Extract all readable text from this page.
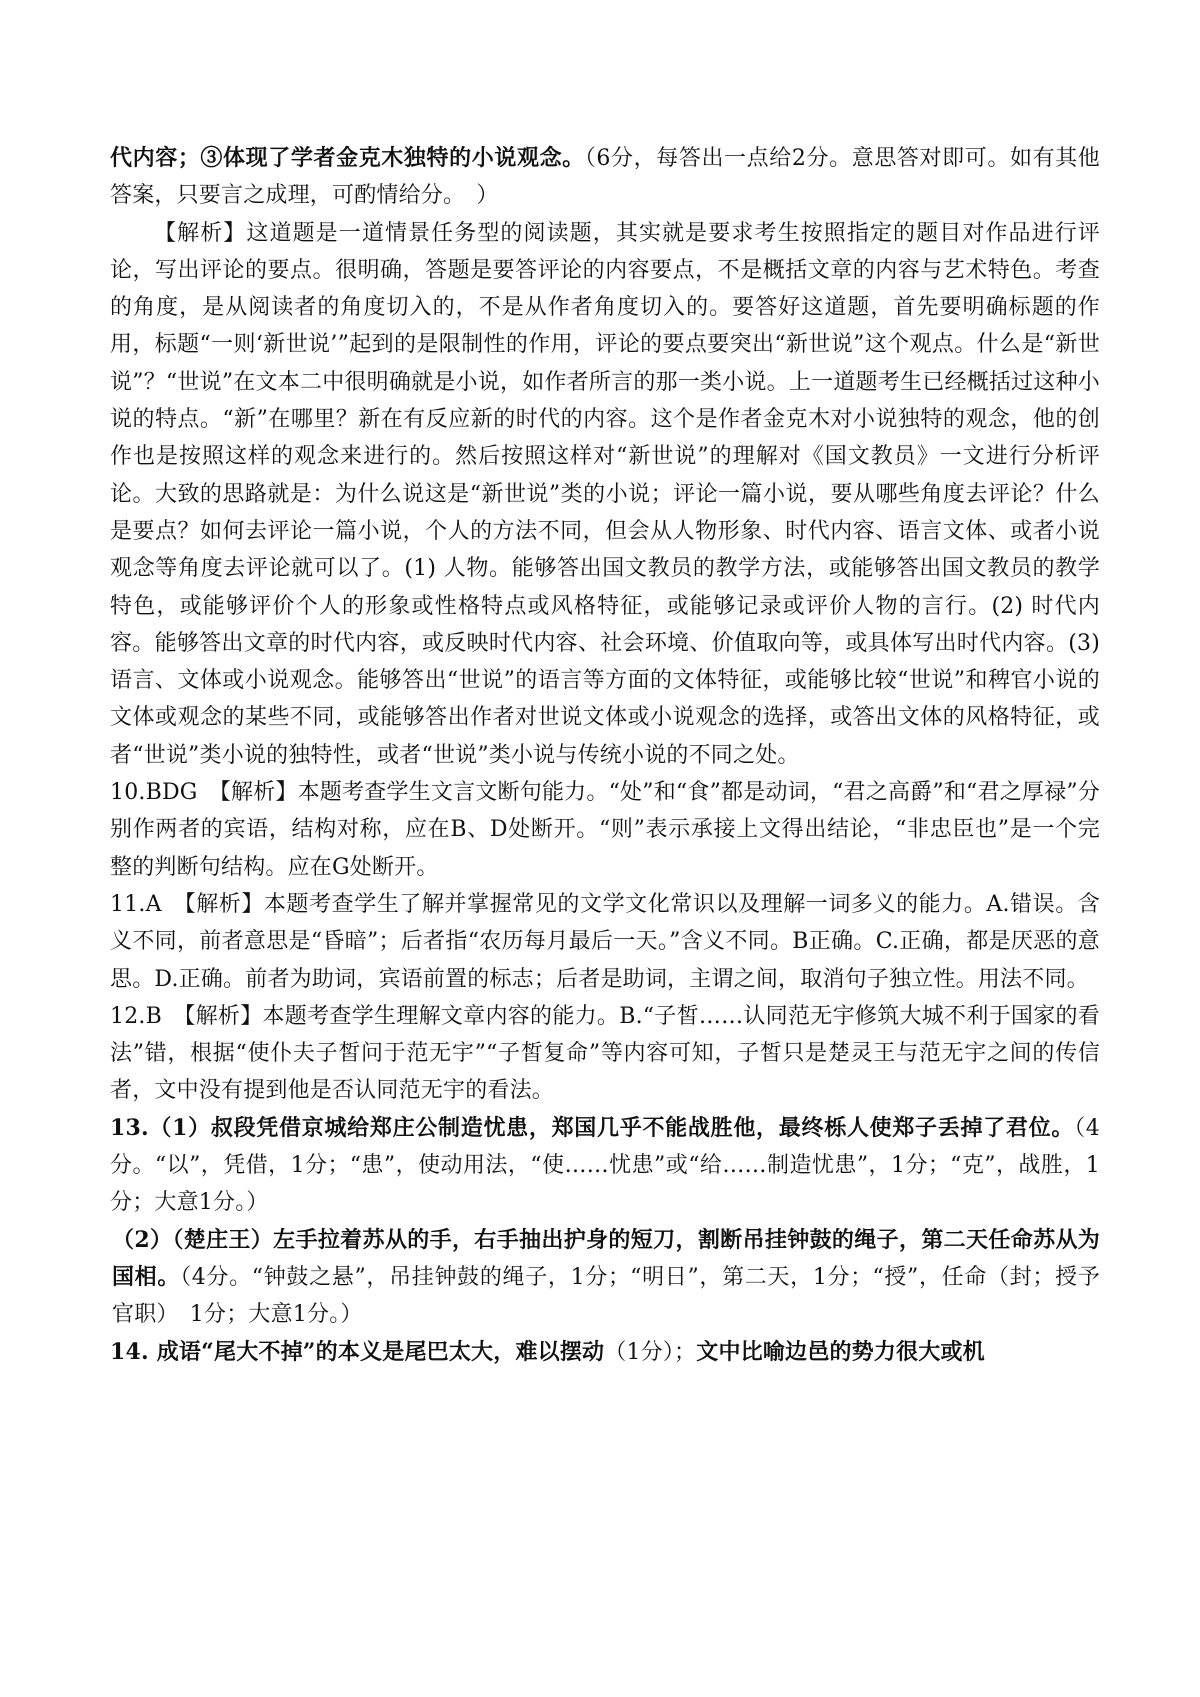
代内容；③体现了学者金克木独特的小说观念。（6分，每答出一点给2分。意思答对即可。如有其他答案，只要言之成理，可酌情给分。　）

【解析】这道题是一道情景任务型的阅读题，其实就是要求考生按照指定的题目对作品进行评论，写出评论的要点。很明确，答题是要答评论的内容要点，不是概括文章的内容与艺术特色。考查的角度，是从阅读者的角度切入的，不是从作者角度切入的。要答好这道题，首先要明确标题的作用，标题“一则‘新世说’”起到的是限制性的作用，评论的要点要突出“新世说”这个观点。什么是“新世说”？“世说”在文本二中很明确就是小说，如作者所言的那一类小说。上一道题考生已经概括过这种小说的特点。“新”在哪里？新在有反应新的时代的内容。这个是作者金克木对小说独特的观念，他的创作也是按照这样的观念来进行的。然后按照这样对“新世说”的理解对《国文教员》一文进行分析评论。大致的思路就是：为什么说这是“新世说”类的小说；评论一篇小说，要从哪些角度去评论？什么是要点？如何去评论一篇小说，个人的方法不同，但会从人物形象、时代内容、语言文体、或者小说观念等角度去评论就可以了。(1) 人物。能够答出国文教员的教学方法，或能够答出国文教员的教学特色，或能够评价个人的形象或性格特点或风格特征，或能够记录或评价人物的言行。(2) 时代内容。能够答出文章的时代内容，或反映时代内容、社会环境、价值取向等，或具体写出时代内容。(3) 语言、文体或小说观念。能够答出“世说”的语言等方面的文体特征，或能够比较“世说”和稗官小说的文体或观念的某些不同，或能够答出作者对世说文体或小说观念的选择，或答出文体的风格特征，或者“世说”类小说的独特性，或者“世说”类小说与传统小说的不同之处。

10.BDG　【解析】本题考查学生文言文断句能力。“处”和“食”都是动词，“君之高爵”和“君之厚禄”分别作两者的宾语，结构对称，应在B、D处断开。“则”表示承接上文得出结论，“非忠臣也”是一个完整的判断句结构。应在G处断开。

11.A　【解析】本题考查学生了解并掌握常见的文学文化常识以及理解一词多义的能力。A.错误。含义不同，前者意思是“昏暗”；后者指“农历每月最后一天。”含义不同。B正确。C.正确，都是厌恶的意思。D.正确。前者为助词，宾语前置的标志；后者是助词，主谓之间，取消句子独立性。用法不同。

12.B　【解析】本题考查学生理解文章内容的能力。B.“子皙……认同范无宇修筑大城不利于国家的看法”错，根据“使仆夫子皙问于范无宇”“子皙复命”等内容可知，子皙只是楚灵王与范无宇之间的传信者，文中没有提到他是否认同范无宇的看法。

13.（1）叔段凭借京城给郑庄公制造忧患，郑国几乎不能战胜他，最终栎人使郑子丢掉了君位。（4分。“以”，凭借，1分；“患”，使动用法，“使……忧患”或“给……制造忧患”，1分；“克”，战胜，1分；大意1分。）

（2）（楚庄王）左手拉着苏从的手，右手抽出护身的短刀，割断吊挂钟鼓的绳子，第二天任命苏从为国相。（4分。“钟鼓之悬”，吊挂钟鼓的绳子，1分；“明日”，第二天，1分；“授”，任命（封；授予官职）　1分；大意1分。）

14. 成语“尾大不掉”的本义是尾巴太大，难以摆动（1分）；文中比喻边邑的势力很大或机
